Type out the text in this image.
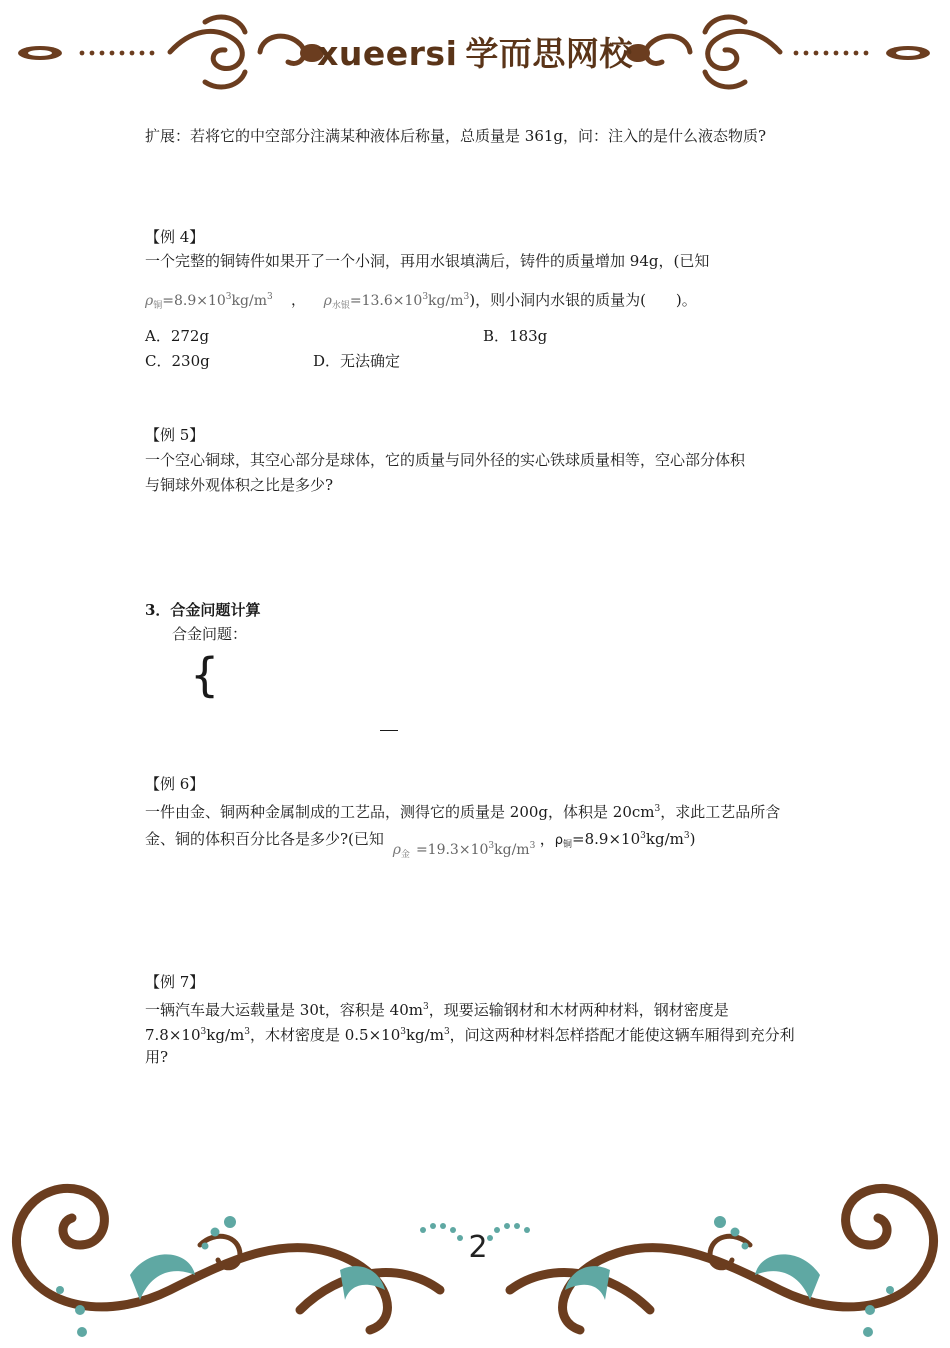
xueersi 学而思网校
扩展：若将它的中空部分注满某种液体后称量，总质量是 361g，问：注入的是什么液态物质?
【例 4】
一个完整的铜铸件如果开了一个小洞，再用水银填满后，铸件的质量增加 94g，(已知
$\rho_铜=8.9\times 10^3kg/m^3$ ， $\rho_{水银}=13.6\times 10^3kg/m^3$)，则小洞内水银的质量为(　　)。
A．272g	B．183g
C．230g	D．无法确定
【例 5】
一个空心铜球，其空心部分是球体，它的质量与同外径的实心铁球质量相等，空心部分体积
与铜球外观体积之比是多少?
3．合金问题计算
合金问题：
{
【例 6】
一件由金、铜两种金属制成的工艺品，测得它的质量是 200g，体积是 $20cm^3$，求此工艺品所含
金、铜的体积百分比各是多少?(已知 $\rho_金 =19.3\times 10^3kg/m^3$ ，$\rho_铜=8.9\times 10^3kg/m^3$)
【例 7】
一辆汽车最大运载量是 30t，容积是 $40m^3$，现要运输钢材和木材两种材料，钢材密度是
$7.8\times 10^3kg/m^3$，木材密度是 $0.5\times 10^3kg/m^3$，问这两种材料怎样搭配才能使这辆车厢得到充分利
用?
2
